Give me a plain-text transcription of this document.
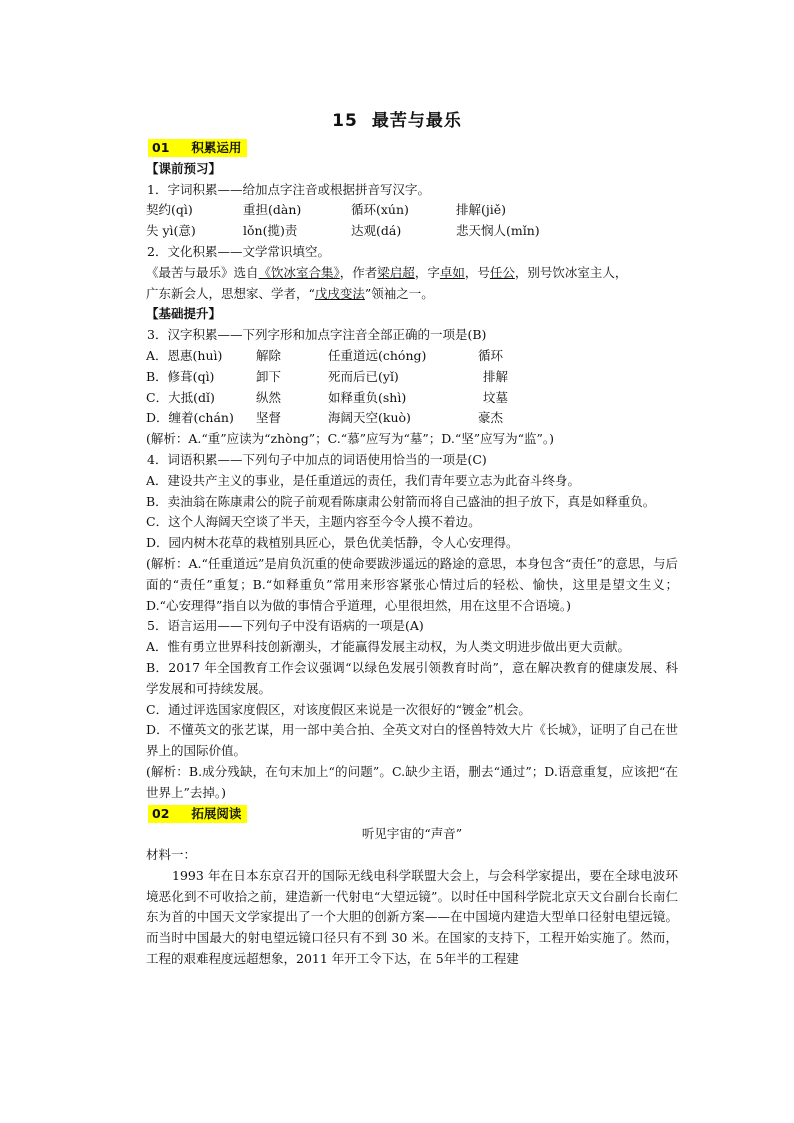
15 最苦与最乐
01 积累运用
【课前预习】
1．字词积累——给加点字注音或根据拼音写汉字。
契约(qì)	重担(dàn)	循环(xún)	排解(jiě)
失 yì(意)	lǒn(揽)责	达观(dá)	悲天悯人(mǐn)
2．文化积累——文学常识填空。
《最苦与最乐》选自《饮冰室合集》，作者梁启超，字卓如，号任公，别号饮冰室主人，
广东新会人，思想家、学者，“戊戌变法”领袖之一。
【基础提升】
3．汉字积累——下列字形和加点字注音全部正确的一项是(B)
A．恩惠(huì)	解除	任重道远(chóng)	循环
B．修葺(qì)	卸下	死而后已(yǐ)	排解
C．大抵(dǐ)	纵然	如释重负(shì)	坟墓
D．缠着(chán)	坚督	海阔天空(kuò)	豪杰
(解析：A.“重”应读为“zhòng”；C.“慕”应写为“墓”；D.“坚”应写为“监”。)
4．词语积累——下列句子中加点的词语使用恰当的一项是(C)
A．建设共产主义的事业，是任重道远的责任，我们青年要立志为此奋斗终身。
B．卖油翁在陈康肃公的院子前观看陈康肃公射箭而将自己盛油的担子放下，真是如释重负。
C．这个人海阔天空谈了半天，主题内容至今令人摸不着边。
D．园内树木花草的栽植别具匠心，景色优美恬静，令人心安理得。
(解析：A.“任重道远”是肩负沉重的使命要跋涉遥远的路途的意思，本身包含“责任”的意思，与后面的“责任”重复；B.“如释重负”常用来形容紧张心情过后的轻松、愉快，这里是望文生义；D.“心安理得”指自以为做的事情合乎道理，心里很坦然，用在这里不合语境。)
5．语言运用——下列句子中没有语病的一项是(A)
A．惟有勇立世界科技创新潮头，才能赢得发展主动权，为人类文明进步做出更大贡献。
B．2017 年全国教育工作会议强调“以绿色发展引领教育时尚”，意在解决教育的健康发展、科学发展和可持续发展。
C．通过评选国家度假区，对该度假区来说是一次很好的“镀金”机会。
D．不懂英文的张艺谋，用一部中美合拍、全英文对白的怪兽特效大片《长城》，证明了自己在世界上的国际价值。
(解析：B.成分残缺，在句末加上“的问题”。C.缺少主语，删去“通过”；D.语意重复，应该把“在世界上”去掉。)
02 拓展阅读
听见宇宙的“声音”
材料一：
1993 年在日本东京召开的国际无线电科学联盟大会上，与会科学家提出，要在全球电波环境恶化到不可收拾之前，建造新一代射电“大望远镜”。以时任中国科学院北京天文台副台长南仁东为首的中国天文学家提出了一个大胆的创新方案——在中国境内建造大型单口径射电望远镜。而当时中国最大的射电望远镜口径只有不到 30 米。在国家的支持下，工程开始实施了。然而，工程的艰难程度远超想象，2011 年开工令下达，在 5年半的工程建
